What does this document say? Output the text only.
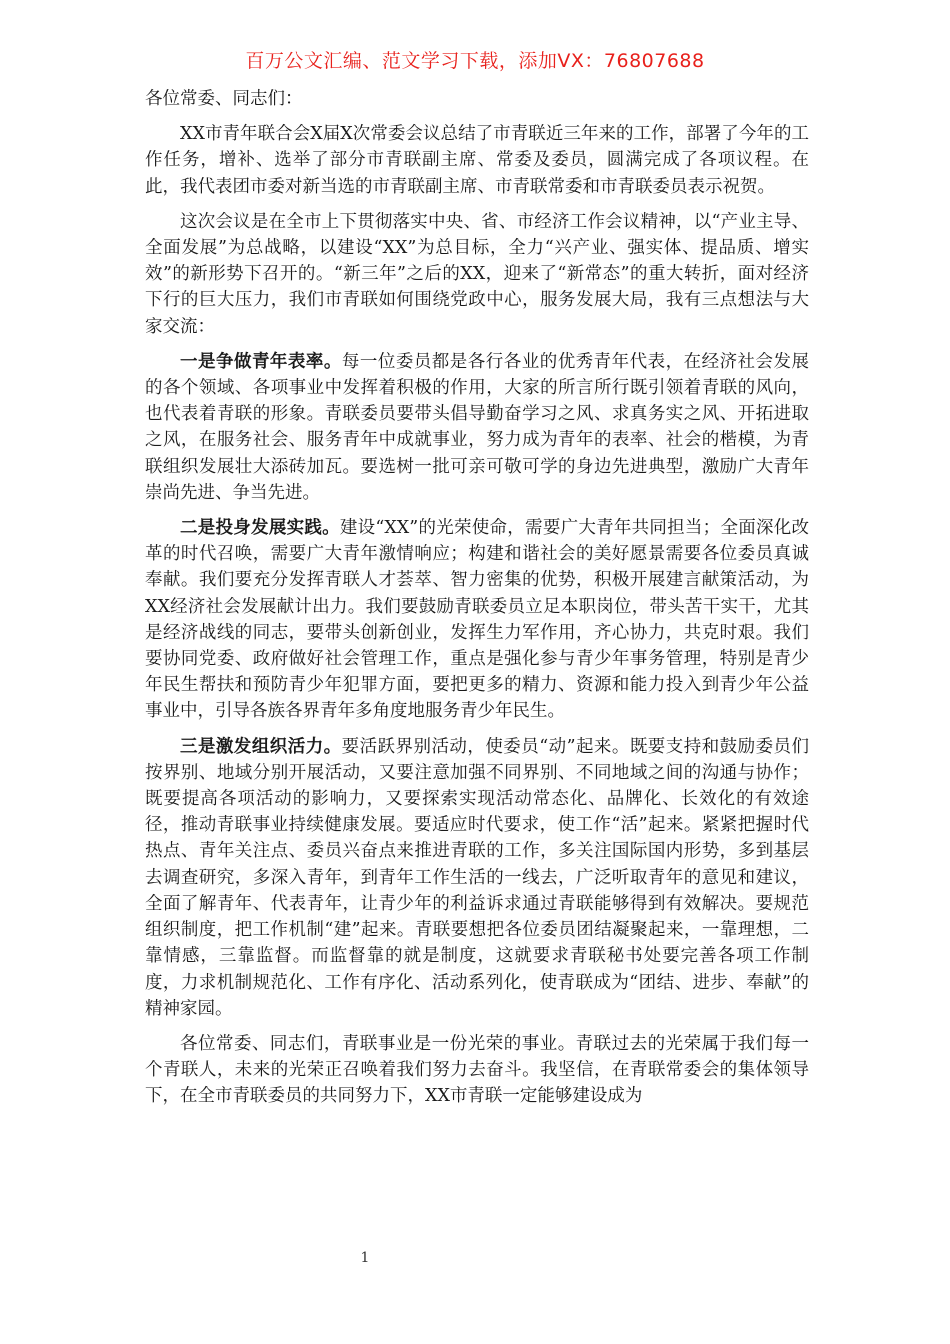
百万公文汇编、范文学习下载，添加VX：76807688

各位常委、同志们：

XX市青年联合会X届X次常委会议总结了市青联近三年来的工作，部署了今年的工作任务，增补、选举了部分市青联副主席、常委及委员，圆满完成了各项议程。在此，我代表团市委对新当选的市青联副主席、市青联常委和市青联委员表示祝贺。

这次会议是在全市上下贯彻落实中央、省、市经济工作会议精神，以“产业主导、全面发展”为总战略，以建设“XX”为总目标，全力“兴产业、强实体、提品质、增实效”的新形势下召开的。“新三年”之后的XX，迎来了“新常态”的重大转折，面对经济下行的巨大压力，我们市青联如何围绕党政中心，服务发展大局，我有三点想法与大家交流：

一是争做青年表率。每一位委员都是各行各业的优秀青年代表，在经济社会发展的各个领域、各项事业中发挥着积极的作用，大家的所言所行既引领着青联的风向，也代表着青联的形象。青联委员要带头倡导勤奋学习之风、求真务实之风、开拓进取之风，在服务社会、服务青年中成就事业，努力成为青年的表率、社会的楷模，为青联组织发展壮大添砖加瓦。要选树一批可亲可敬可学的身边先进典型，激励广大青年崇尚先进、争当先进。

二是投身发展实践。建设“XX”的光荣使命，需要广大青年共同担当；全面深化改革的时代召唤，需要广大青年激情响应；构建和谐社会的美好愿景需要各位委员真诚奉献。我们要充分发挥青联人才荟萃、智力密集的优势，积极开展建言献策活动，为XX经济社会发展献计出力。我们要鼓励青联委员立足本职岗位，带头苦干实干，尤其是经济战线的同志，要带头创新创业，发挥生力军作用，齐心协力，共克时艰。我们要协同党委、政府做好社会管理工作，重点是强化参与青少年事务管理，特别是青少年民生帮扶和预防青少年犯罪方面，要把更多的精力、资源和能力投入到青少年公益事业中，引导各族各界青年多角度地服务青少年民生。

三是激发组织活力。要活跃界别活动，使委员“动”起来。既要支持和鼓励委员们按界别、地域分别开展活动，又要注意加强不同界别、不同地域之间的沟通与协作；既要提高各项活动的影响力，又要探索实现活动常态化、品牌化、长效化的有效途径，推动青联事业持续健康发展。要适应时代要求，使工作“活”起来。紧紧把握时代热点、青年关注点、委员兴奋点来推进青联的工作，多关注国际国内形势，多到基层去调查研究，多深入青年，到青年工作生活的一线去，广泛听取青年的意见和建议，全面了解青年、代表青年，让青少年的利益诉求通过青联能够得到有效解决。要规范组织制度，把工作机制“建”起来。青联要想把各位委员团结凝聚起来，一靠理想，二靠情感，三靠监督。而监督靠的就是制度，这就要求青联秘书处要完善各项工作制度，力求机制规范化、工作有序化、活动系列化，使青联成为“团结、进步、奉献”的精神家园。

各位常委、同志们，青联事业是一份光荣的事业。青联过去的光荣属于我们每一个青联人，未来的光荣正召唤着我们努力去奋斗。我坚信，在青联常委会的集体领导下，在全市青联委员的共同努力下，XX市青联一定能够建设成为

1
